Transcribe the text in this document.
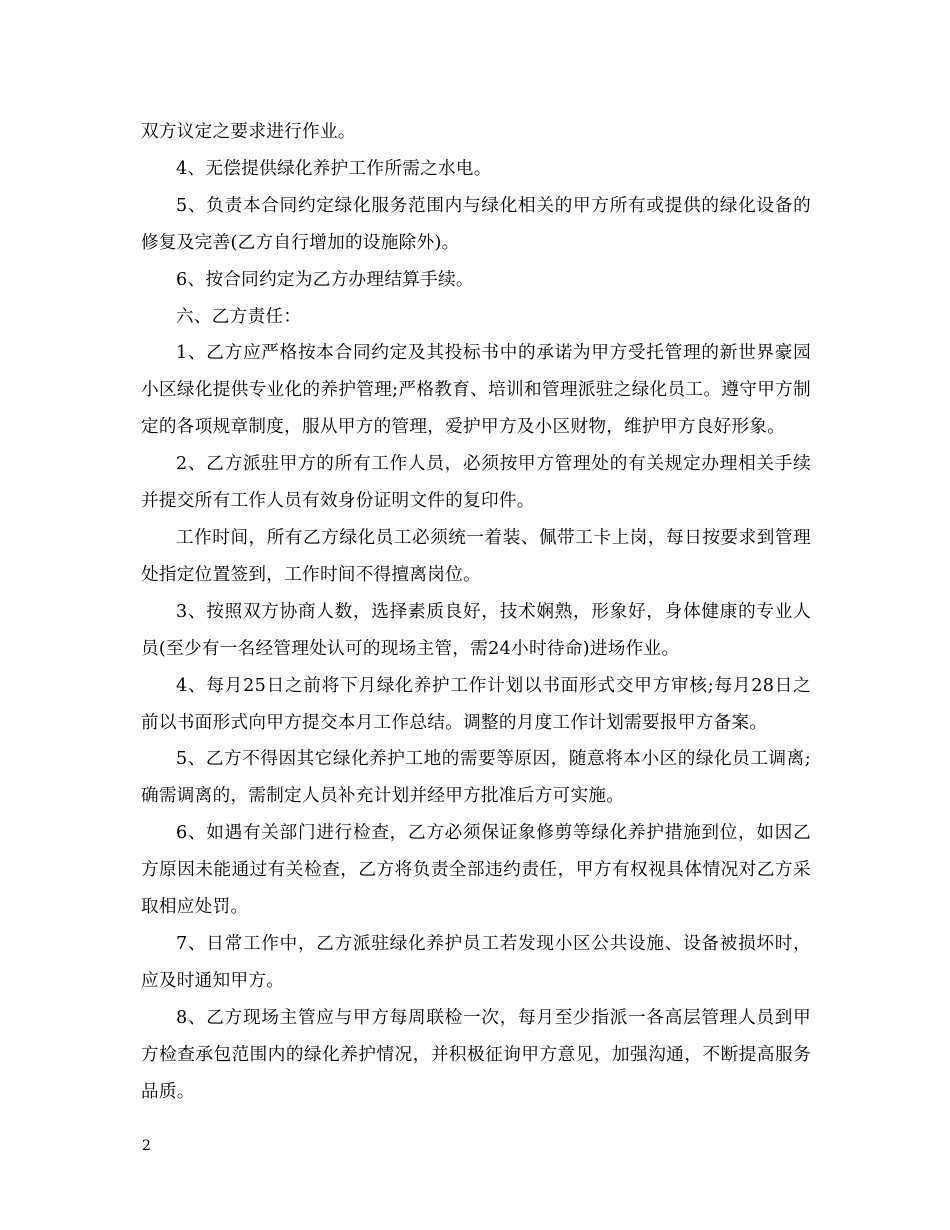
双方议定之要求进行作业。

4、无偿提供绿化养护工作所需之水电。

5、负责本合同约定绿化服务范围内与绿化相关的甲方所有或提供的绿化设备的修复及完善(乙方自行增加的设施除外)。

6、按合同约定为乙方办理结算手续。

六、乙方责任：

1、乙方应严格按本合同约定及其投标书中的承诺为甲方受托管理的新世界豪园小区绿化提供专业化的养护管理;严格教育、培训和管理派驻之绿化员工。遵守甲方制定的各项规章制度，服从甲方的管理，爱护甲方及小区财物，维护甲方良好形象。

2、乙方派驻甲方的所有工作人员，必须按甲方管理处的有关规定办理相关手续并提交所有工作人员有效身份证明文件的复印件。

工作时间，所有乙方绿化员工必须统一着装、佩带工卡上岗，每日按要求到管理处指定位置签到，工作时间不得擅离岗位。

3、按照双方协商人数，选择素质良好，技术娴熟，形象好，身体健康的专业人员(至少有一名经管理处认可的现场主管，需24小时待命)进场作业。

4、每月25日之前将下月绿化养护工作计划以书面形式交甲方审核;每月28日之前以书面形式向甲方提交本月工作总结。调整的月度工作计划需要报甲方备案。

5、乙方不得因其它绿化养护工地的需要等原因，随意将本小区的绿化员工调离;确需调离的，需制定人员补充计划并经甲方批准后方可实施。

6、如遇有关部门进行检查，乙方必须保证象修剪等绿化养护措施到位，如因乙方原因未能通过有关检查，乙方将负责全部违约责任，甲方有权视具体情况对乙方采取相应处罚。

7、日常工作中，乙方派驻绿化养护员工若发现小区公共设施、设备被损坏时，应及时通知甲方。

8、乙方现场主管应与甲方每周联检一次，每月至少指派一各高层管理人员到甲方检查承包范围内的绿化养护情况，并积极征询甲方意见，加强沟通，不断提高服务品质。

2
